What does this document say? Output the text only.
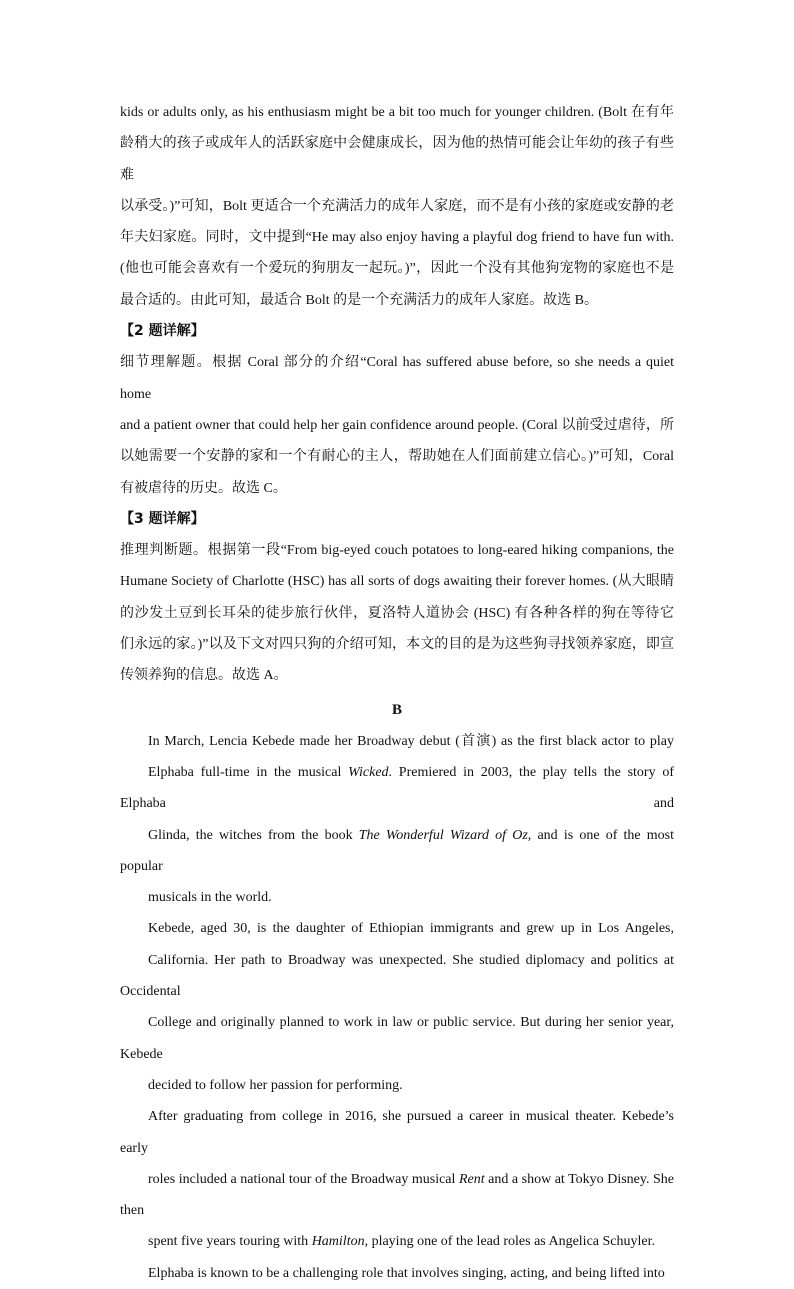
kids or adults only, as his enthusiasm might be a bit too much for younger children. (Bolt 在有年
龄稍大的孩子或成年人的活跃家庭中会健康成长，因为他的热情可能会让年幼的孩子有些难
以承受。)”可知，Bolt 更适合一个充满活力的成年人家庭，而不是有小孩的家庭或安静的老
年夫妇家庭。同时，文中提到“He may also enjoy having a playful dog friend to have fun with.
(他也可能会喜欢有一个爱玩的狗朋友一起玩。)”，因此一个没有其他狗宠物的家庭也不是
最合适的。由此可知，最适合 Bolt 的是一个充满活力的成年人家庭。故选 B。
【2 题详解】
细节理解题。根据 Coral 部分的介绍“Coral has suffered abuse before, so she needs a quiet home
and a patient owner that could help her gain confidence around people. (Coral 以前受过虐待，所
以她需要一个安静的家和一个有耐心的主人，帮助她在人们面前建立信心。)”可知，Coral
有被虐待的历史。故选 C。
【3 题详解】
推理判断题。根据第一段“From big-eyed couch potatoes to long-eared hiking companions, the
Humane Society of Charlotte (HSC) has all sorts of dogs awaiting their forever homes. (从大眼睛
的沙发土豆到长耳朵的徒步旅行伙伴，夏洛特人道协会 (HSC) 有各种各样的狗在等待它
们永远的家。)”以及下文对四只狗的介绍可知，本文的目的是为这些狗寻找领养家庭，即宣
传领养狗的信息。故选 A。
B
In March, Lencia Kebede made her Broadway debut (首演) as the first black actor to play
Elphaba full-time in the musical Wicked. Premiered in 2003, the play tells the story of Elphaba and
Glinda, the witches from the book The Wonderful Wizard of Oz, and is one of the most popular
musicals in the world.
Kebede, aged 30, is the daughter of Ethiopian immigrants and grew up in Los Angeles,
California. Her path to Broadway was unexpected. She studied diplomacy and politics at Occidental
College and originally planned to work in law or public service. But during her senior year, Kebede
decided to follow her passion for performing.
After graduating from college in 2016, she pursued a career in musical theater. Kebede’s early
roles included a national tour of the Broadway musical Rent and a show at Tokyo Disney. She then
spent five years touring with Hamilton, playing one of the lead roles as Angelica Schuyler.
Elphaba is known to be a challenging role that involves singing, acting, and being lifted into
